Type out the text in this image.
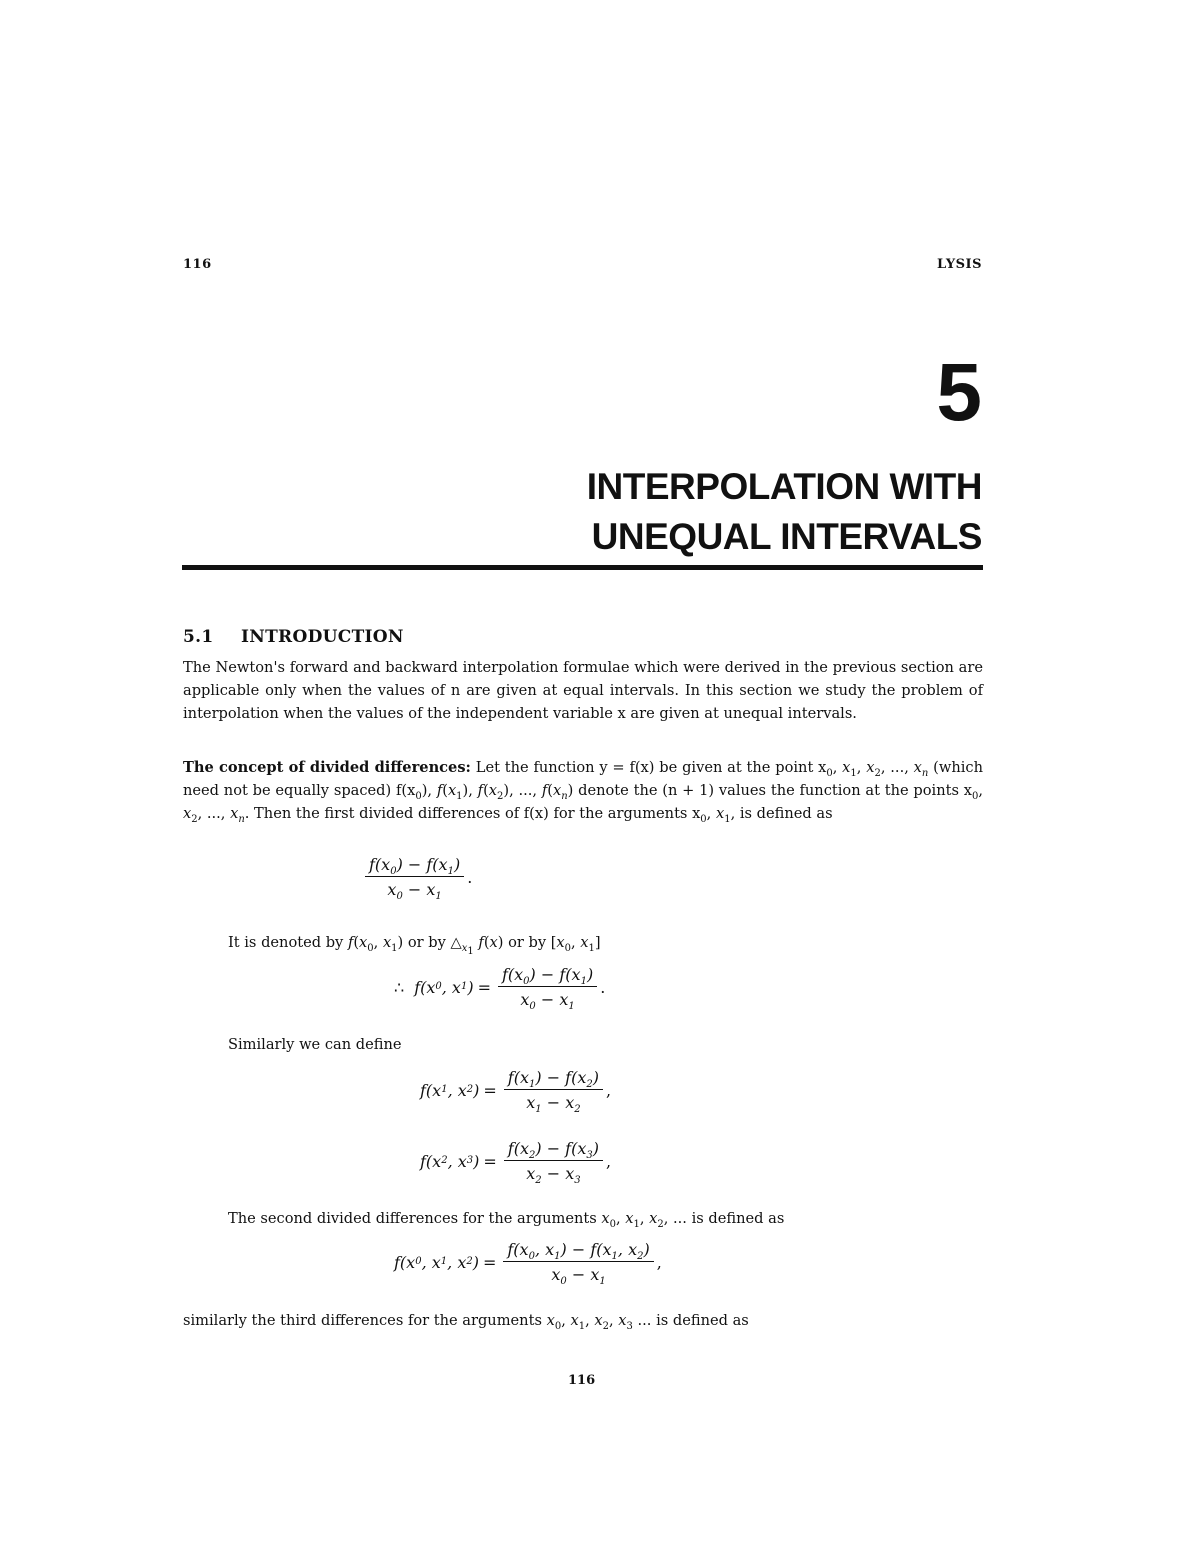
116	LYSIS
5
INTERPOLATION WITH
UNEQUAL INTERVALS
5.1 INTRODUCTION
The Newton's forward and backward interpolation formulae which were derived in the previous section are applicable only when the values of n are given at equal intervals. In this section we study the problem of interpolation when the values of the independent variable x are given at unequal intervals.
The concept of divided differences: Let the function y = f(x) be given at the point $x_0$, $x_1$, $x_2$, ..., $x_n$ (which need not be equally spaced) $f(x_0)$, $f(x_1)$, $f(x_2)$, ..., $f(x_n)$ denote the (n + 1) values the function at the points $x_0$, $x_2$, ..., $x_n$. Then the first divided differences of f(x) for the arguments $x_0$, $x_1$, is defined as
$\frac{f(x_0) - f(x_1)}{x_0 - x_1}$ .
It is denoted by $f(x_0$, $x_1$) or by $\triangle_{x_1}$ f(x) or by [$x_0$, $x_1$]
∴ f(x 0 , x 1 ) = $\frac{f(x_0) - f(x_1)}{x_0 - x_1}$ .
Similarly we can define
f(x 1 , x 2 ) = $\frac{f(x_1) - f(x_2)}{x_1 - x_2}$ ,
f(x 2 , x 3 ) = $\frac{f(x_2) - f(x_3)}{x_2 - x_3}$ ,
The second divided differences for the arguments $x_0$, $x_1$, $x_2$, ... is defined as
f(x 0 , x 1 , x 2 ) = $\frac{f(x_0, x_1) - f(x_1, x_2)}{x_0 - x_1}$ ,
similarly the third differences for the arguments $x_0$, $x_1$, $x_2$, $x_3$ ... is defined as
116
